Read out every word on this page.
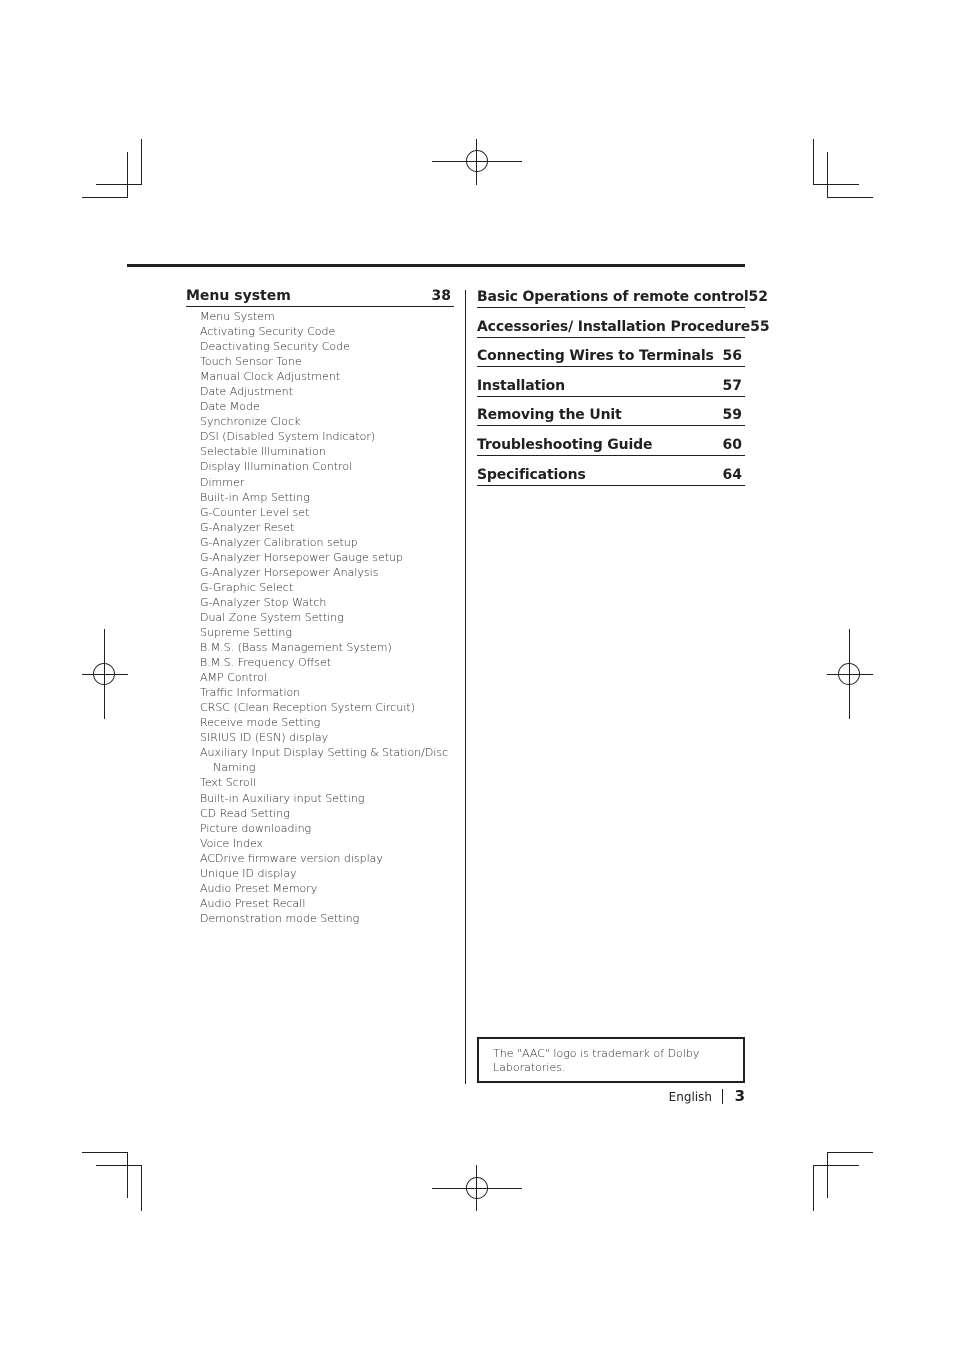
Menu system	38
Menu System
Activating Security Code
Deactivating Security Code
Touch Sensor Tone
Manual Clock Adjustment
Date Adjustment
Date Mode
Synchronize Clock
DSI (Disabled System Indicator)
Selectable Illumination
Display Illumination Control
Dimmer
Built-in Amp Setting
G-Counter Level set
G-Analyzer Reset
G-Analyzer Calibration setup
G-Analyzer Horsepower Gauge setup
G-Analyzer Horsepower Analysis
G-Graphic Select
G-Analyzer Stop Watch
Dual Zone System Setting
Supreme Setting
B.M.S. (Bass Management System)
B.M.S. Frequency Offset
AMP Control
Traffic Information
CRSC (Clean Reception System Circuit)
Receive mode Setting
SIRIUS ID (ESN) display
Auxiliary Input Display Setting & Station/Disc Naming
Text Scroll
Built-in Auxiliary input Setting
CD Read Setting
Picture downloading
Voice Index
ACDrive firmware version display
Unique ID display
Audio Preset Memory
Audio Preset Recall
Demonstration mode Setting
Basic Operations of remote control 52
Accessories/ Installation Procedure 55
Connecting Wires to Terminals 56
Installation	57
Removing the Unit	59
Troubleshooting Guide	60
Specifications	64
The "AAC" logo is trademark of Dolby Laboratories.
English 3
